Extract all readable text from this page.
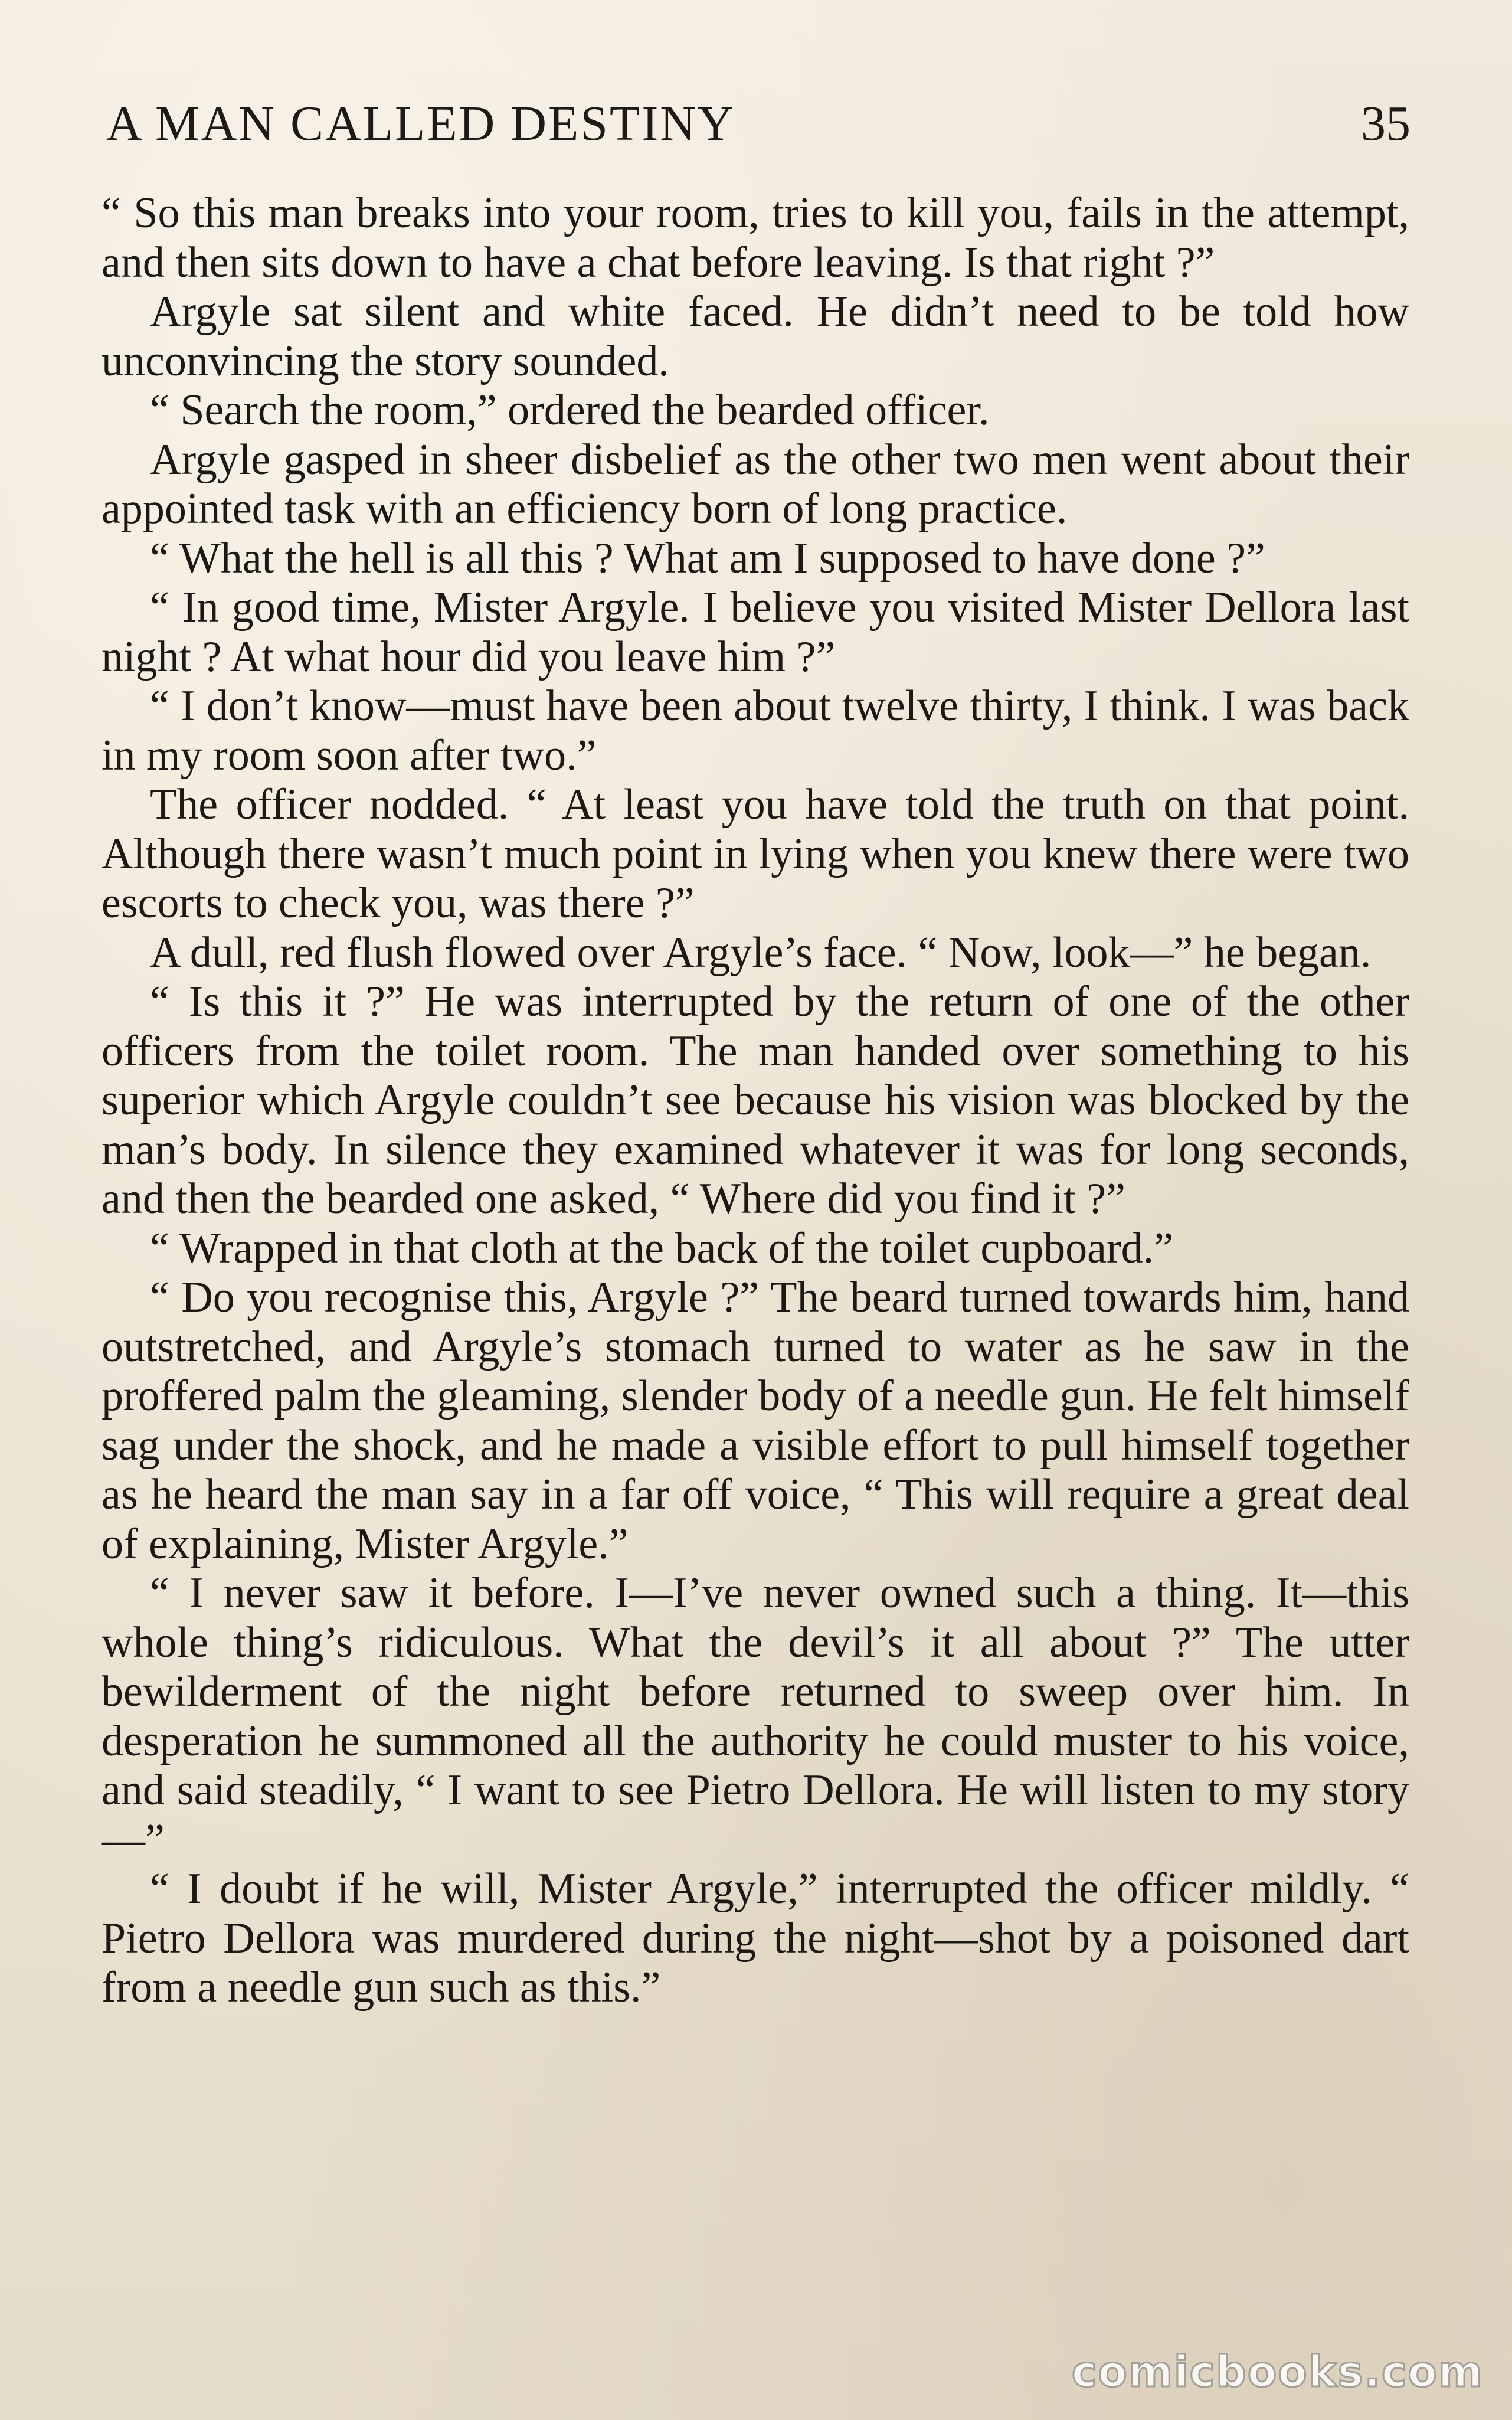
A MAN CALLED DESTINY	35

“ So this man breaks into your room, tries to kill you, fails in the attempt, and then sits down to have a chat before leaving. Is that right ?”

Argyle sat silent and white faced. He didn’t need to be told how unconvincing the story sounded.

“ Search the room,” ordered the bearded officer.

Argyle gasped in sheer disbelief as the other two men went about their appointed task with an efficiency born of long practice.

“ What the hell is all this ? What am I supposed to have done ?”

“ In good time, Mister Argyle. I believe you visited Mister Dellora last night ? At what hour did you leave him ?”

“ I don’t know—must have been about twelve thirty, I think. I was back in my room soon after two.”

The officer nodded. “ At least you have told the truth on that point. Although there wasn’t much point in lying when you knew there were two escorts to check you, was there ?”

A dull, red flush flowed over Argyle’s face. “ Now, look—” he began.

“ Is this it ?” He was interrupted by the return of one of the other officers from the toilet room. The man handed over something to his superior which Argyle couldn’t see because his vision was blocked by the man’s body. In silence they examined whatever it was for long seconds, and then the bearded one asked, “ Where did you find it ?”

“ Wrapped in that cloth at the back of the toilet cupboard.”

“ Do you recognise this, Argyle ?” The beard turned towards him, hand outstretched, and Argyle’s stomach turned to water as he saw in the proffered palm the gleaming, slender body of a needle gun. He felt himself sag under the shock, and he made a visible effort to pull himself together as he heard the man say in a far off voice, “ This will require a great deal of explaining, Mister Argyle.”

“ I never saw it before. I—I’ve never owned such a thing. It—this whole thing’s ridiculous. What the devil’s it all about ?” The utter bewilderment of the night before returned to sweep over him. In desperation he summoned all the authority he could muster to his voice, and said steadily, “ I want to see Pietro Dellora. He will listen to my story—”

“ I doubt if he will, Mister Argyle,” interrupted the officer mildly. “ Pietro Dellora was murdered during the night—shot by a poisoned dart from a needle gun such as this.”

comicbooks.com
